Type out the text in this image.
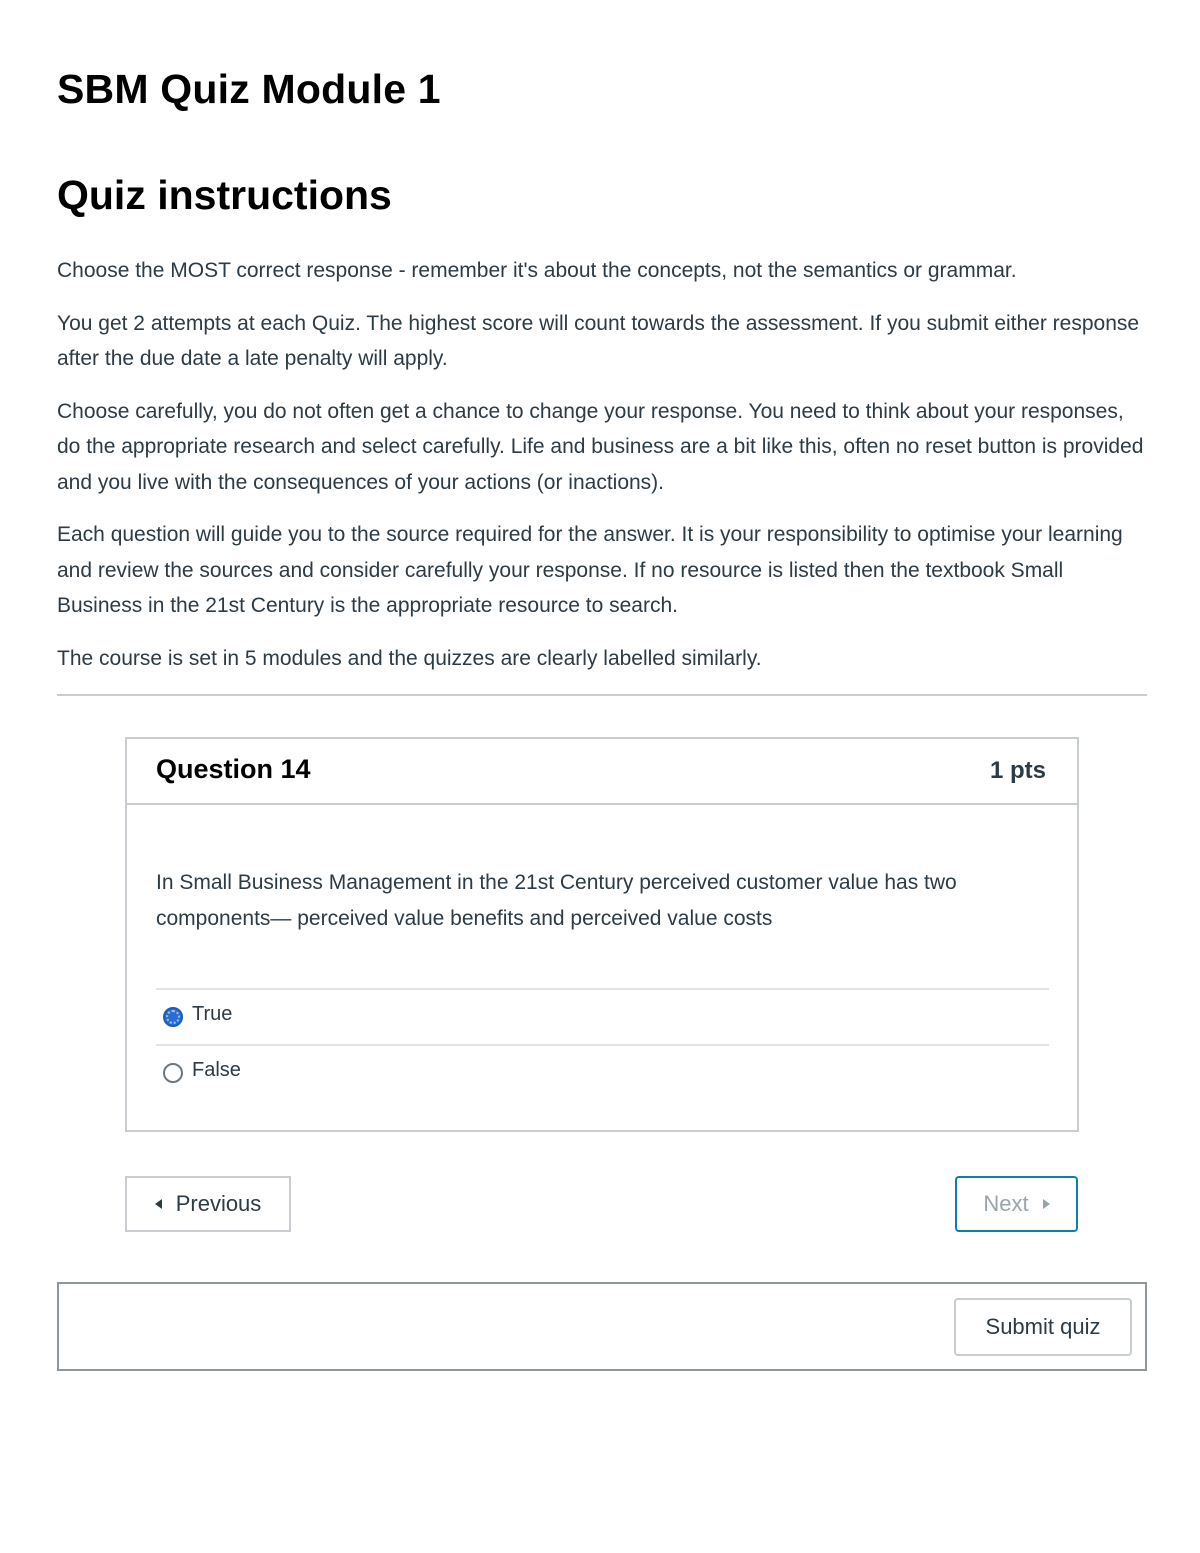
SBM Quiz Module 1
Quiz instructions

Choose the MOST correct response - remember it's about the concepts, not the semantics or grammar.

You get 2 attempts at each Quiz. The highest score will count towards the assessment. If you submit either response after the due date a late penalty will apply.

Choose carefully, you do not often get a chance to change your response. You need to think about your responses, do the appropriate research and select carefully. Life and business are a bit like this, often no reset button is provided and you live with the consequences of your actions (or inactions).

Each question will guide you to the source required for the answer. It is your responsibility to optimise your learning and review the sources and consider carefully your response. If no resource is listed then the textbook Small Business in the 21st Century is the appropriate resource to search.

The course is set in 5 modules and the quizzes are clearly labelled similarly.

Question 14	1 pts
In Small Business Management in the 21st Century perceived customer value has two components— perceived value benefits and perceived value costs
True
False
Previous	Next
Submit quiz
